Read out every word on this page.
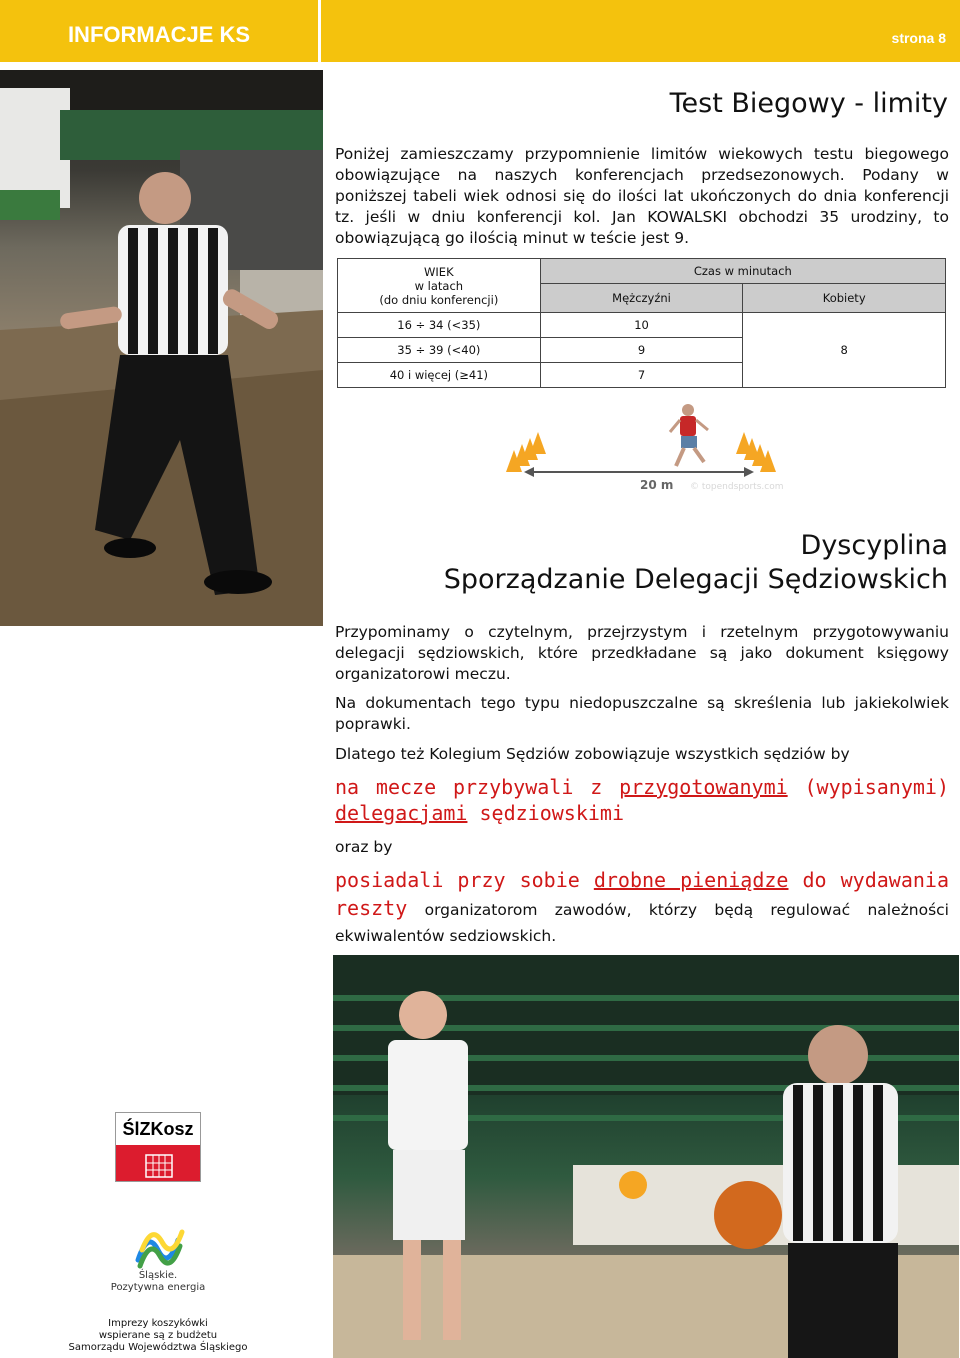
INFORMACJE KS	strona 8
Test Biegowy - limity
Poniżej zamieszczamy przypomnienie limitów wiekowych testu biegowego obowiązujące na naszych konferencjach przedsezonowych. Podany w poniższej tabeli wiek odnosi się do ilości lat ukończonych do dnia konferencji tz. jeśli w dniu konferencji kol. Jan KOWALSKI obchodzi 35 urodziny, to obowiązującą go ilością minut w teście jest 9.
WIEK
w latach
(do dniu konferencji)	Czas w minutach	
	Mężczyźni	Kobiety
16 ÷ 34 (<35)	10	8
35 ÷ 39 (<40)	9	
40 i więcej (≥41)	7	
20 m © topendsports.com
Dyscyplina
Sporządzanie Delegacji Sędziowskich
Przypominamy o czytelnym, przejrzystym i rzetelnym przygotowywaniu delegacji sędziowskich, które przedkładane są jako dokument księgowy organizatorowi meczu.
Na dokumentach tego typu niedopuszczalne są skreślenia lub jakiekolwiek poprawki.
Dlatego też Kolegium Sędziów zobowiązuje wszystkich sędziów by
na mecze przybywali z przygotowanymi (wypisanymi) delegacjami sędziowskimi
oraz by
posiadali przy sobie drobne pieniądze do wydawania reszty organizatorom zawodów, którzy będą regulować należności ekwiwalentów sedziowskich.
ŚlZKosz
Śląskie.
Pozytywna energia
Imprezy koszykówki
wspierane są z budżetu
Samorządu Województwa Śląskiego
